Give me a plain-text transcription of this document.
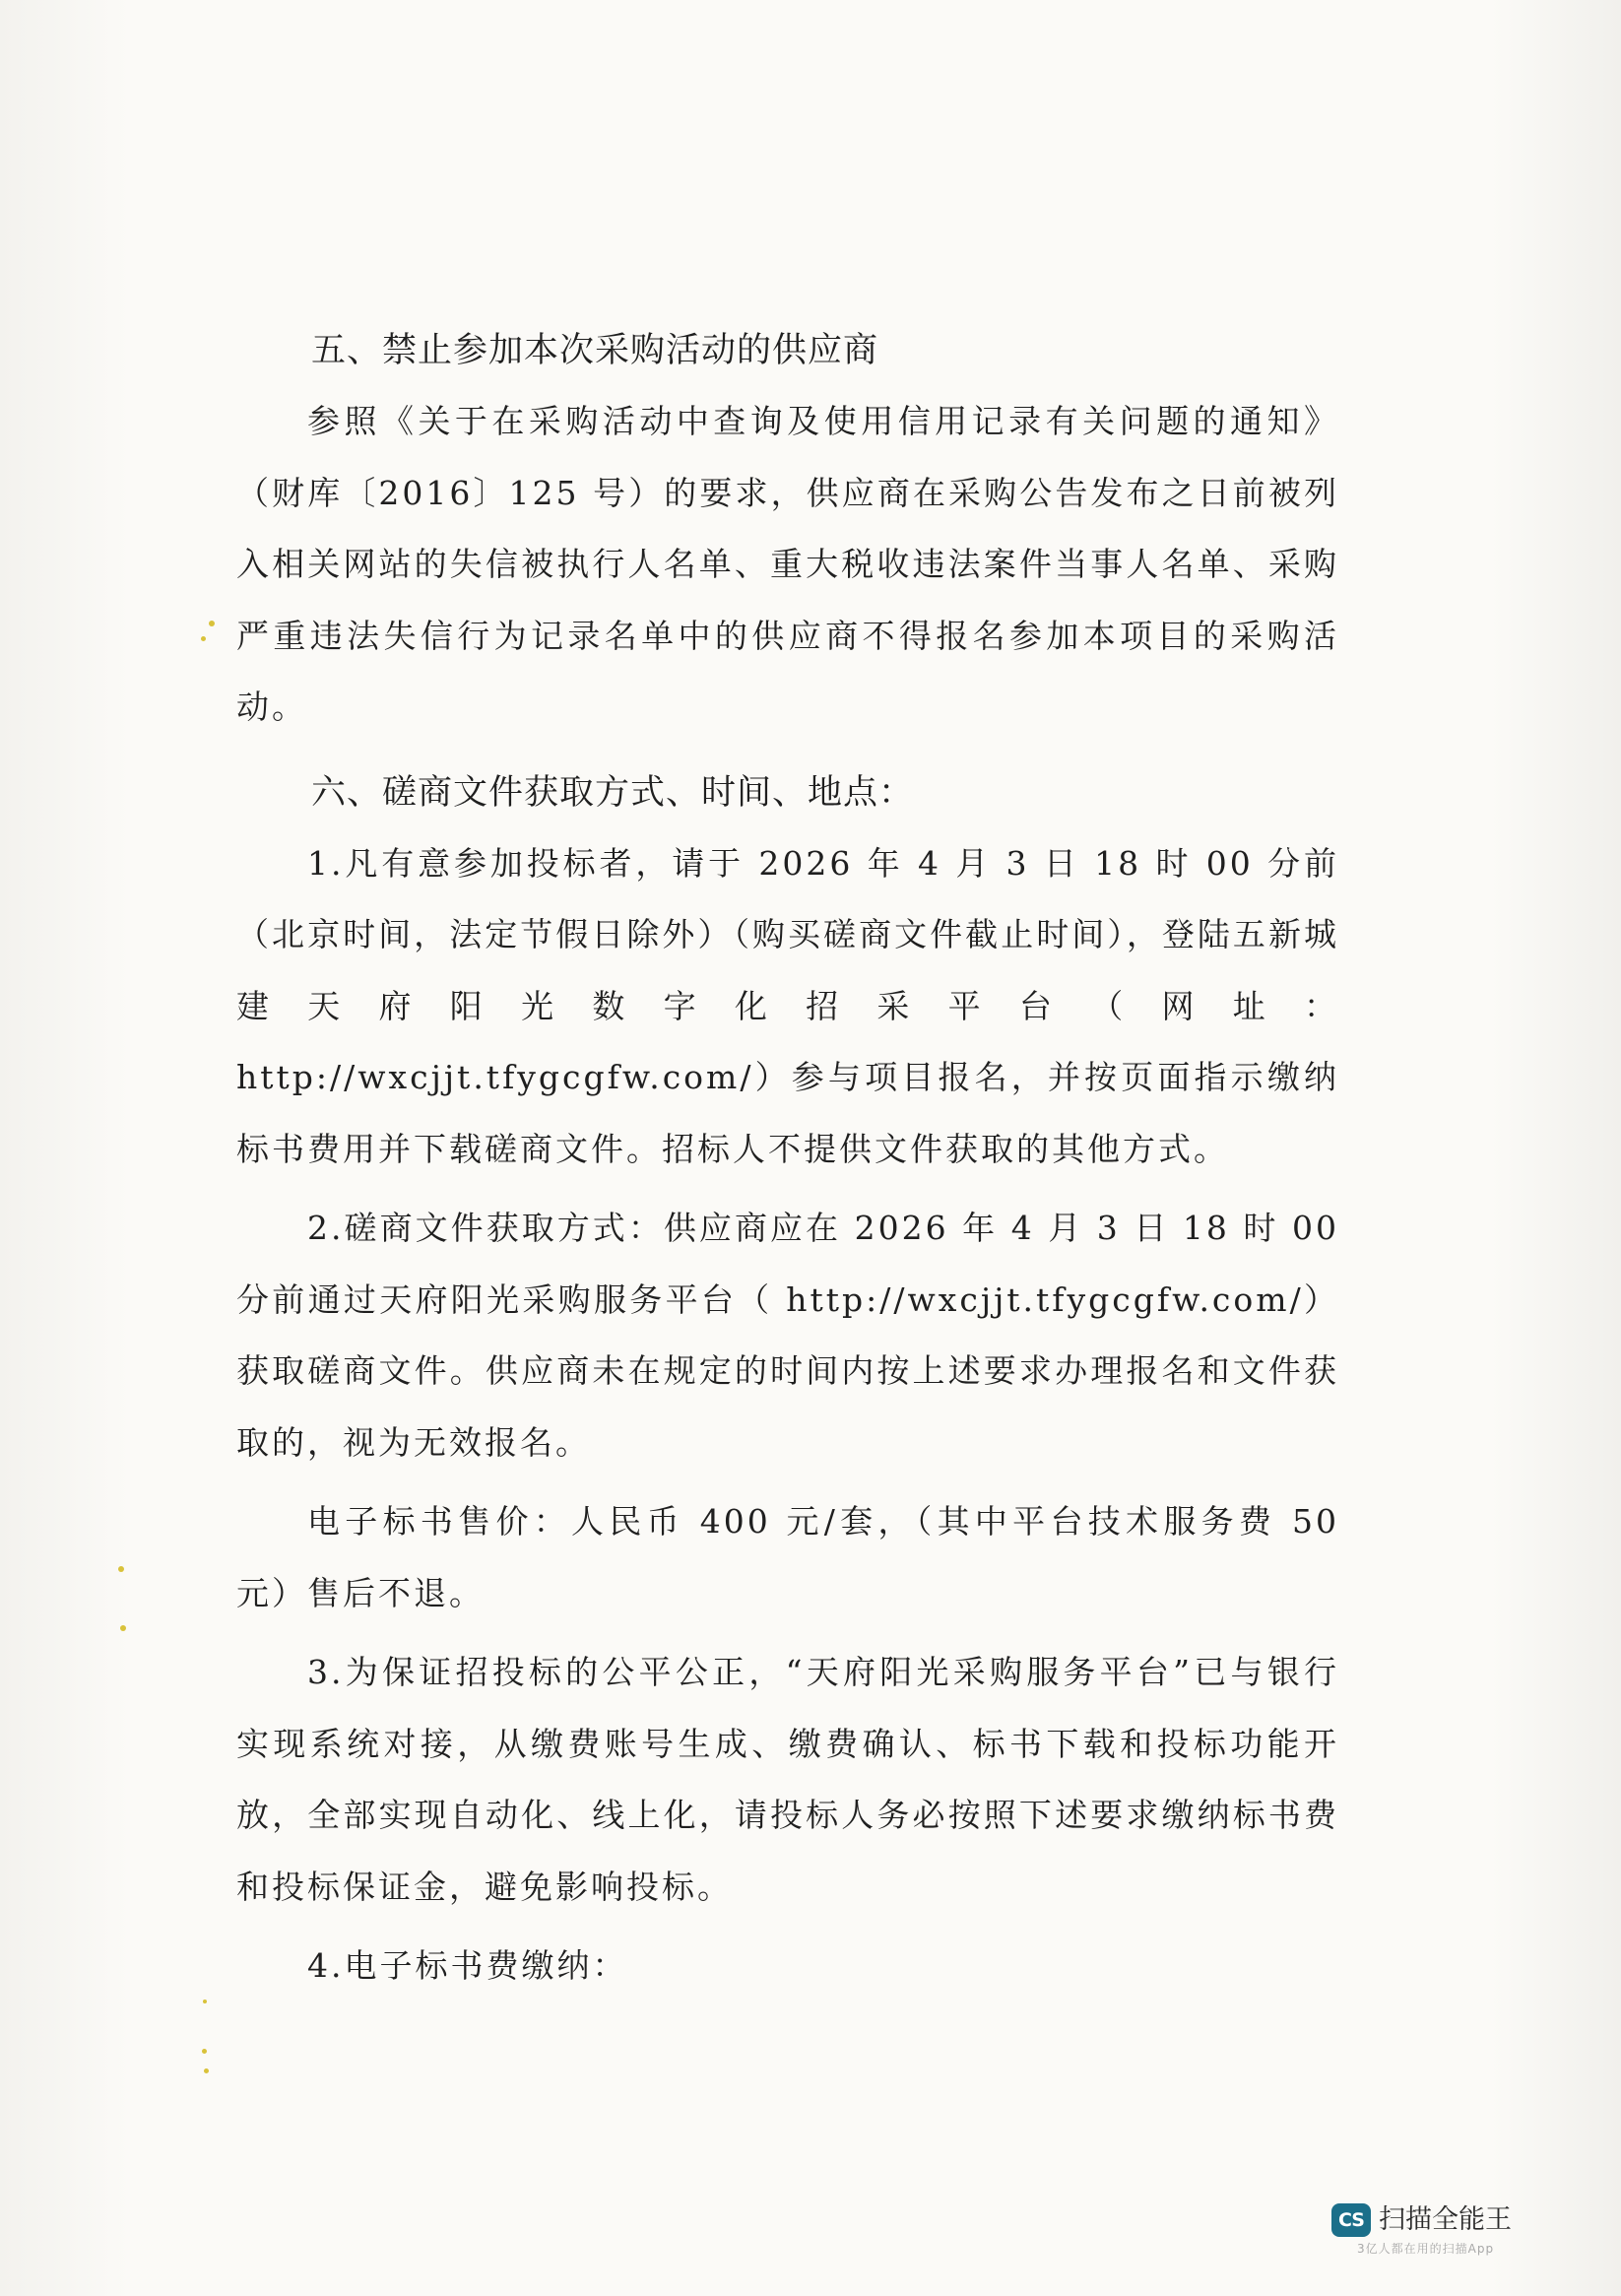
五、禁止参加本次采购活动的供应商

参照《关于在采购活动中查询及使用信用记录有关问题的通知》（财库〔2016〕125 号）的要求，供应商在采购公告发布之日前被列入相关网站的失信被执行人名单、重大税收违法案件当事人名单、采购严重违法失信行为记录名单中的供应商不得报名参加本项目的采购活动。

六、磋商文件获取方式、时间、地点：

1.凡有意参加投标者，请于 2026 年 4 月 3 日 18 时 00 分前（北京时间，法定节假日除外）（购买磋商文件截止时间），登陆五新城建天府阳光数字化招采平台（网址：http://wxcjjt.tfygcgfw.com/）参与项目报名，并按页面指示缴纳标书费用并下载磋商文件。招标人不提供文件获取的其他方式。

2.磋商文件获取方式：供应商应在 2026 年 4 月 3 日 18 时 00 分前通过天府阳光采购服务平台（ http://wxcjjt.tfygcgfw.com/）获取磋商文件。供应商未在规定的时间内按上述要求办理报名和文件获取的，视为无效报名。

电子标书售价：人民币 400 元/套，（其中平台技术服务费 50 元）售后不退。

3.为保证招投标的公平公正，“天府阳光采购服务平台”已与银行实现系统对接，从缴费账号生成、缴费确认、标书下载和投标功能开放，全部实现自动化、线上化，请投标人务必按照下述要求缴纳标书费和投标保证金，避免影响投标。

4.电子标书费缴纳：

CS 扫描全能王
3亿人都在用的扫描App
